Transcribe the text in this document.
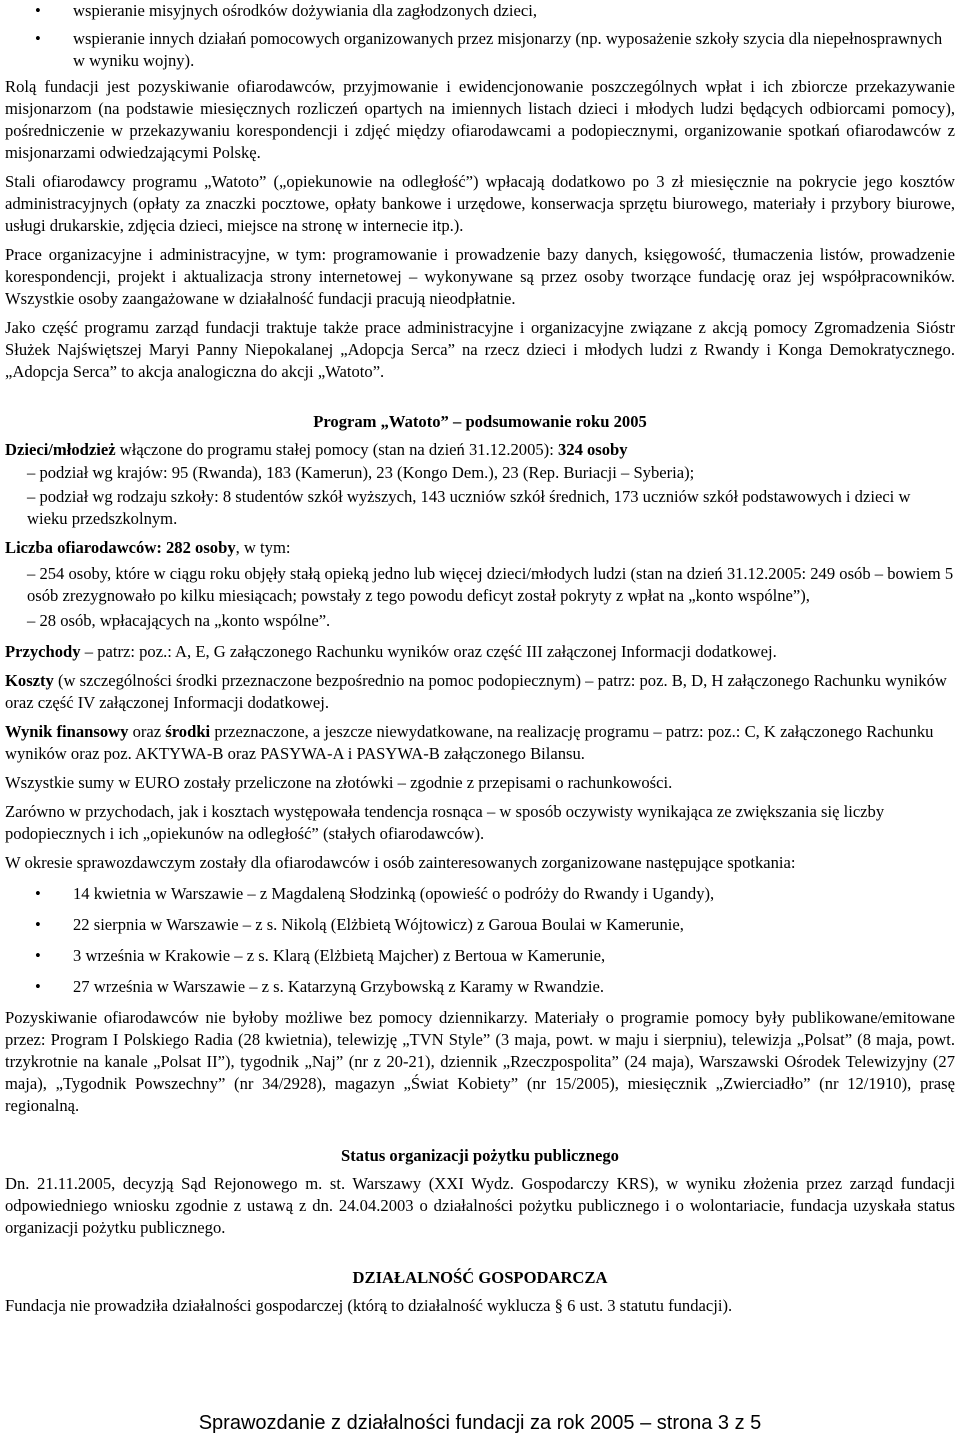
• wspieranie misyjnych ośrodków dożywiania dla zagłodzonych dzieci,
• wspieranie innych działań pomocowych organizowanych przez misjonarzy (np. wyposażenie szkoły szycia dla niepełnosprawnych w wyniku wojny).

Rolą fundacji jest pozyskiwanie ofiarodawców, przyjmowanie i ewidencjonowanie poszczególnych wpłat i ich zbiorcze przekazywanie misjonarzom (na podstawie miesięcznych rozliczeń opartych na imiennych listach dzieci i młodych ludzi będących odbiorcami pomocy), pośredniczenie w przekazywaniu korespondencji i zdjęć między ofiarodawcami a podopiecznymi, organizowanie spotkań ofiarodawców z misjonarzami odwiedzającymi Polskę.

Stali ofiarodawcy programu „Watoto” („opiekunowie na odległość”) wpłacają dodatkowo po 3 zł miesięcznie na pokrycie jego kosztów administracyjnych (opłaty za znaczki pocztowe, opłaty bankowe i urzędowe, konserwacja sprzętu biurowego, materiały i przybory biurowe, usługi drukarskie, zdjęcia dzieci, miejsce na stronę w internecie itp.).

Prace organizacyjne i administracyjne, w tym: programowanie i prowadzenie bazy danych, księgowość, tłumaczenia listów, prowadzenie korespondencji, projekt i aktualizacja strony internetowej – wykonywane są przez osoby tworzące fundację oraz jej współpracowników. Wszystkie osoby zaangażowane w działalność fundacji pracują nieodpłatnie.

Jako część programu zarząd fundacji traktuje także prace administracyjne i organizacyjne związane z akcją pomocy Zgromadzenia Sióstr Służek Najświętszej Maryi Panny Niepokalanej „Adopcja Serca” na rzecz dzieci i młodych ludzi z Rwandy i Konga Demokratycznego. „Adopcja Serca” to akcja analogiczna do akcji „Watoto”.

Program „Watoto” – podsumowanie roku 2005

Dzieci/młodzież włączone do programu stałej pomocy (stan na dzień 31.12.2005): 324 osoby

– podział wg krajów: 95 (Rwanda), 183 (Kamerun), 23 (Kongo Dem.), 23 (Rep. Buriacji – Syberia);

– podział wg rodzaju szkoły: 8 studentów szkół wyższych, 143 uczniów szkół średnich, 173 uczniów szkół podstawowych i dzieci w wieku przedszkolnym.

Liczba ofiarodawców: 282 osoby, w tym:

– 254 osoby, które w ciągu roku objęły stałą opieką jedno lub więcej dzieci/młodych ludzi (stan na dzień 31.12.2005: 249 osób – bowiem 5 osób zrezygnowało po kilku miesiącach; powstały z tego powodu deficyt został pokryty z wpłat na „konto wspólne”),

– 28 osób, wpłacających na „konto wspólne”.

Przychody – patrz: poz.: A, E, G załączonego Rachunku wyników oraz część III załączonej Informacji dodatkowej.

Koszty (w szczególności środki przeznaczone bezpośrednio na pomoc podopiecznym) – patrz: poz. B, D, H załączonego Rachunku wyników oraz część IV załączonej Informacji dodatkowej.

Wynik finansowy oraz środki przeznaczone, a jeszcze niewydatkowane, na realizację programu – patrz: poz.: C, K załączonego Rachunku wyników oraz poz. AKTYWA-B oraz PASYWA-A i PASYWA-B załączonego Bilansu.

Wszystkie sumy w EURO zostały przeliczone na złotówki – zgodnie z przepisami o rachunkowości.

Zarówno w przychodach, jak i kosztach występowała tendencja rosnąca – w sposób oczywisty wynikająca ze zwiększania się liczby podopiecznych i ich „opiekunów na odległość” (stałych ofiarodawców).

W okresie sprawozdawczym zostały dla ofiarodawców i osób zainteresowanych zorganizowane następujące spotkania:

• 14 kwietnia w Warszawie – z Magdaleną Słodzinką (opowieść o podróży do Rwandy i Ugandy),
• 22 sierpnia w Warszawie – z s. Nikolą (Elżbietą Wójtowicz) z Garoua Boulai w Kamerunie,
• 3 września w Krakowie – z s. Klarą (Elżbietą Majcher) z Bertoua w Kamerunie,
• 27 września w Warszawie – z s. Katarzyną Grzybowską z Karamy w Rwandzie.

Pozyskiwanie ofiarodawców nie byłoby możliwe bez pomocy dziennikarzy. Materiały o programie pomocy były publikowane/emitowane przez: Program I Polskiego Radia (28 kwietnia), telewizję „TVN Style” (3 maja, powt. w maju i sierpniu), telewizja „Polsat” (8 maja, powt. trzykrotnie na kanale „Polsat II”), tygodnik „Naj” (nr z 20-21), dziennik „Rzeczpospolita” (24 maja), Warszawski Ośrodek Telewizyjny (27 maja), „Tygodnik Powszechny” (nr 34/2928), magazyn „Świat Kobiety” (nr 15/2005), miesięcznik „Zwierciadło” (nr 12/1910), prasę regionalną.

Status organizacji pożytku publicznego

Dn. 21.11.2005, decyzją Sąd Rejonowego m. st. Warszawy (XXI Wydz. Gospodarczy KRS), w wyniku złożenia przez zarząd fundacji odpowiedniego wniosku zgodnie z ustawą z dn. 24.04.2003 o działalności pożytku publicznego i o wolontariacie, fundacja uzyskała status organizacji pożytku publicznego.

DZIAŁALNOŚĆ GOSPODARCZA

Fundacja nie prowadziła działalności gospodarczej (którą to działalność wyklucza § 6 ust. 3 statutu fundacji).

Sprawozdanie z działalności fundacji za rok 2005 – strona 3 z 5
